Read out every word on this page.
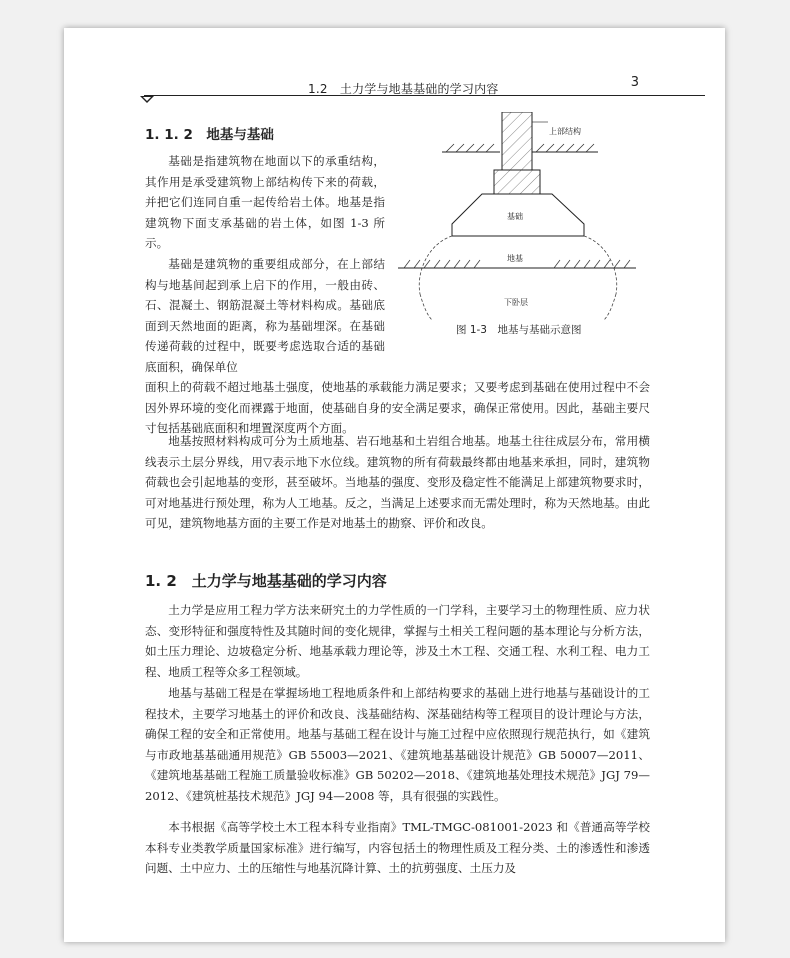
1.2　土力学与地基基础的学习内容	3
1. 1. 2　地基与基础

基础是指建筑物在地面以下的承重结构，其作用是承受建筑物上部结构传下来的荷载，并把它们连同自重一起传给岩土体。地基是指建筑物下面支承基础的岩土体，如图 1-3 所示。

基础是建筑物的重要组成部分，在上部结构与地基间起到承上启下的作用，一般由砖、石、混凝土、钢筋混凝土等材料构成。基础底面到天然地面的距离，称为基础埋深。在基础传递荷载的过程中，既要考虑选取合适的基础底面积，确保单位

面积上的荷载不超过地基土强度，使地基的承载能力满足要求；又要考虑到基础在使用过程中不会因外界环境的变化而裸露于地面，使基础自身的安全满足要求，确保正常使用。因此，基础主要尺寸包括基础底面积和埋置深度两个方面。

地基按照材料构成可分为土质地基、岩石地基和土岩组合地基。地基土往往成层分布，常用横线表示土层分界线，用▽表示地下水位线。建筑物的所有荷载最终都由地基来承担，同时，建筑物荷载也会引起地基的变形，甚至破坏。当地基的强度、变形及稳定性不能满足上部建筑物要求时，可对地基进行预处理，称为人工地基。反之，当满足上述要求而无需处理时，称为天然地基。由此可见，建筑物地基方面的主要工作是对地基土的勘察、评价和改良。

上部结构
基础
地基
下卧层
图 1-3　地基与基础示意图
1. 2　土力学与地基基础的学习内容

土力学是应用工程力学方法来研究土的力学性质的一门学科，主要学习土的物理性质、应力状态、变形特征和强度特性及其随时间的变化规律，掌握与土相关工程问题的基本理论与分析方法，如土压力理论、边坡稳定分析、地基承载力理论等，涉及土木工程、交通工程、水利工程、电力工程、地质工程等众多工程领域。

地基与基础工程是在掌握场地工程地质条件和上部结构要求的基础上进行地基与基础设计的工程技术，主要学习地基土的评价和改良、浅基础结构、深基础结构等工程项目的设计理论与方法，确保工程的安全和正常使用。地基与基础工程在设计与施工过程中应依照现行规范执行，如《建筑与市政地基基础通用规范》GB 55003—2021、《建筑地基基础设计规范》GB 50007—2011、《建筑地基基础工程施工质量验收标准》GB 50202—2018、《建筑地基处理技术规范》JGJ 79—2012、《建筑桩基技术规范》JGJ 94—2008 等，具有很强的实践性。

本书根据《高等学校土木工程本科专业指南》TML-TMGC-081001-2023 和《普通高等学校本科专业类教学质量国家标准》进行编写，内容包括土的物理性质及工程分类、土的渗透性和渗透问题、土中应力、土的压缩性与地基沉降计算、土的抗剪强度、土压力及
